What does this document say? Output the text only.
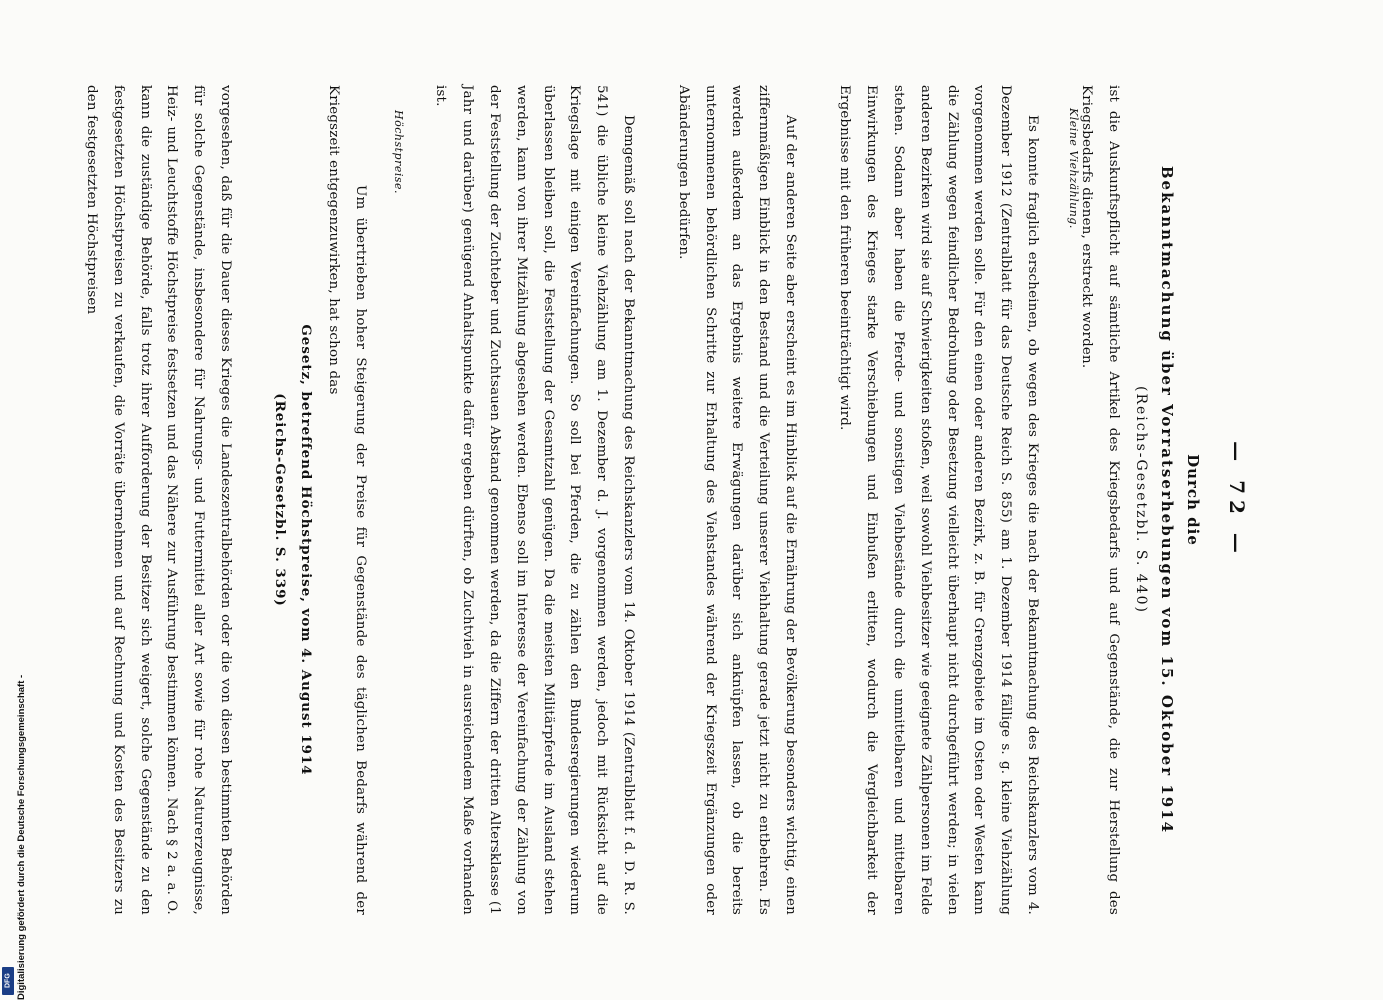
— 72 —
Durch die
Bekanntmachung über Vorratserhebungen vom 15. Oktober 1914
(Reichs-Gesetzbl. S. 440)
ist die Auskunftspflicht auf sämtliche Artikel des Kriegsbedarfs und auf Gegenstände, die zur Herstellung des Kriegsbedarfs dienen, erstreckt worden.
Es konnte fraglich erscheinen, ob wegen des Krieges die nach der Bekanntmachung des Reichskanzlers vom 4. Dezember 1912 (Zentralblatt für das Deutsche Reich S. 855) am 1. Dezember 1914 fällige s. g. kleine Viehzählung vorgenommen werden solle. Für den einen oder anderen Bezirk, z. B. für Grenzgebiete im Osten oder Westen kann die Zählung wegen feindlicher Bedrohung oder Besetzung vielleicht überhaupt nicht durchgeführt werden; in vielen anderen Bezirken wird sie auf Schwierigkeiten stoßen, weil sowohl Viehbesitzer wie geeignete Zählpersonen im Felde stehen. Sodann aber haben die Pferde- und sonstigen Viehbestände durch die unmittelbaren und mittelbaren Einwirkungen des Krieges starke Verschiebungen und Einbußen erlitten, wodurch die Vergleichbarkeit der Ergebnisse mit den früheren beeinträchtigt wird.
Auf der anderen Seite aber erscheint es im Hinblick auf die Ernährung der Bevölkerung besonders wichtig, einen ziffernmäßigen Einblick in den Bestand und die Verteilung unserer Viehhaltung gerade jetzt nicht zu entbehren. Es werden außerdem an das Ergebnis weitere Erwägungen darüber sich anknüpfen lassen, ob die bereits unternommenen behördlichen Schritte zur Erhaltung des Viehstandes während der Kriegszeit Ergänzungen oder Abänderungen bedürfen.
Demgemäß soll nach der Bekanntmachung des Reichskanzlers vom 14. Oktober 1914 (Zentralblatt f. d. D. R. S. 541) die übliche kleine Viehzählung am 1. Dezember d. J. vorgenommen werden, jedoch mit Rücksicht auf die Kriegslage mit einigen Vereinfachungen. So soll bei Pferden, die zu zählen den Bundesregierungen wiederum überlassen bleiben soll, die Feststellung der Gesamtzahl genügen. Da die meisten Militärpferde im Ausland stehen werden, kann von ihrer Mitzählung abgesehen werden. Ebenso soll im Interesse der Vereinfachung der Zählung von der Feststellung der Zuchteber und Zuchtsauen Abstand genommen werden, da die Ziffern der dritten Altersklasse (1 Jahr und darüber) genügend Anhaltspunkte dafür ergeben dürften, ob Zuchtvieh in ausreichendem Maße vorhanden ist.
Um übertrieben hoher Steigerung der Preise für Gegenstände des täglichen Bedarfs während der Kriegszeit entgegenzuwirken, hat schon das
Gesetz, betreffend Höchstpreise, vom 4. August 1914 (Reichs-Gesetzbl. S. 339)
vorgesehen, daß für die Dauer dieses Krieges die Landeszentralbehörden oder die von diesen bestimmten Behörden für solche Gegenstände, insbesondere für Nahrungs- und Futtermittel aller Art sowie für rohe Naturerzeugnisse, Heiz- und Leuchtstoffe Höchstpreise festsetzen und das Nähere zur Ausführung bestimmen können. Nach § 2 a. a. O. kann die zuständige Behörde, falls trotz ihrer Aufforderung der Besitzer sich weigert, solche Gegenstände zu den festgesetzten Höchstpreisen zu verkaufen, die Vorräte übernehmen und auf Rechnung und Kosten des Besitzers zu den festgesetzten Höchstpreisen	Kleine Viehzählung.
Höchstpreise.
Digitalisierung gefördert durch die Deutsche Forschungsgemeinschaft -
DFG
